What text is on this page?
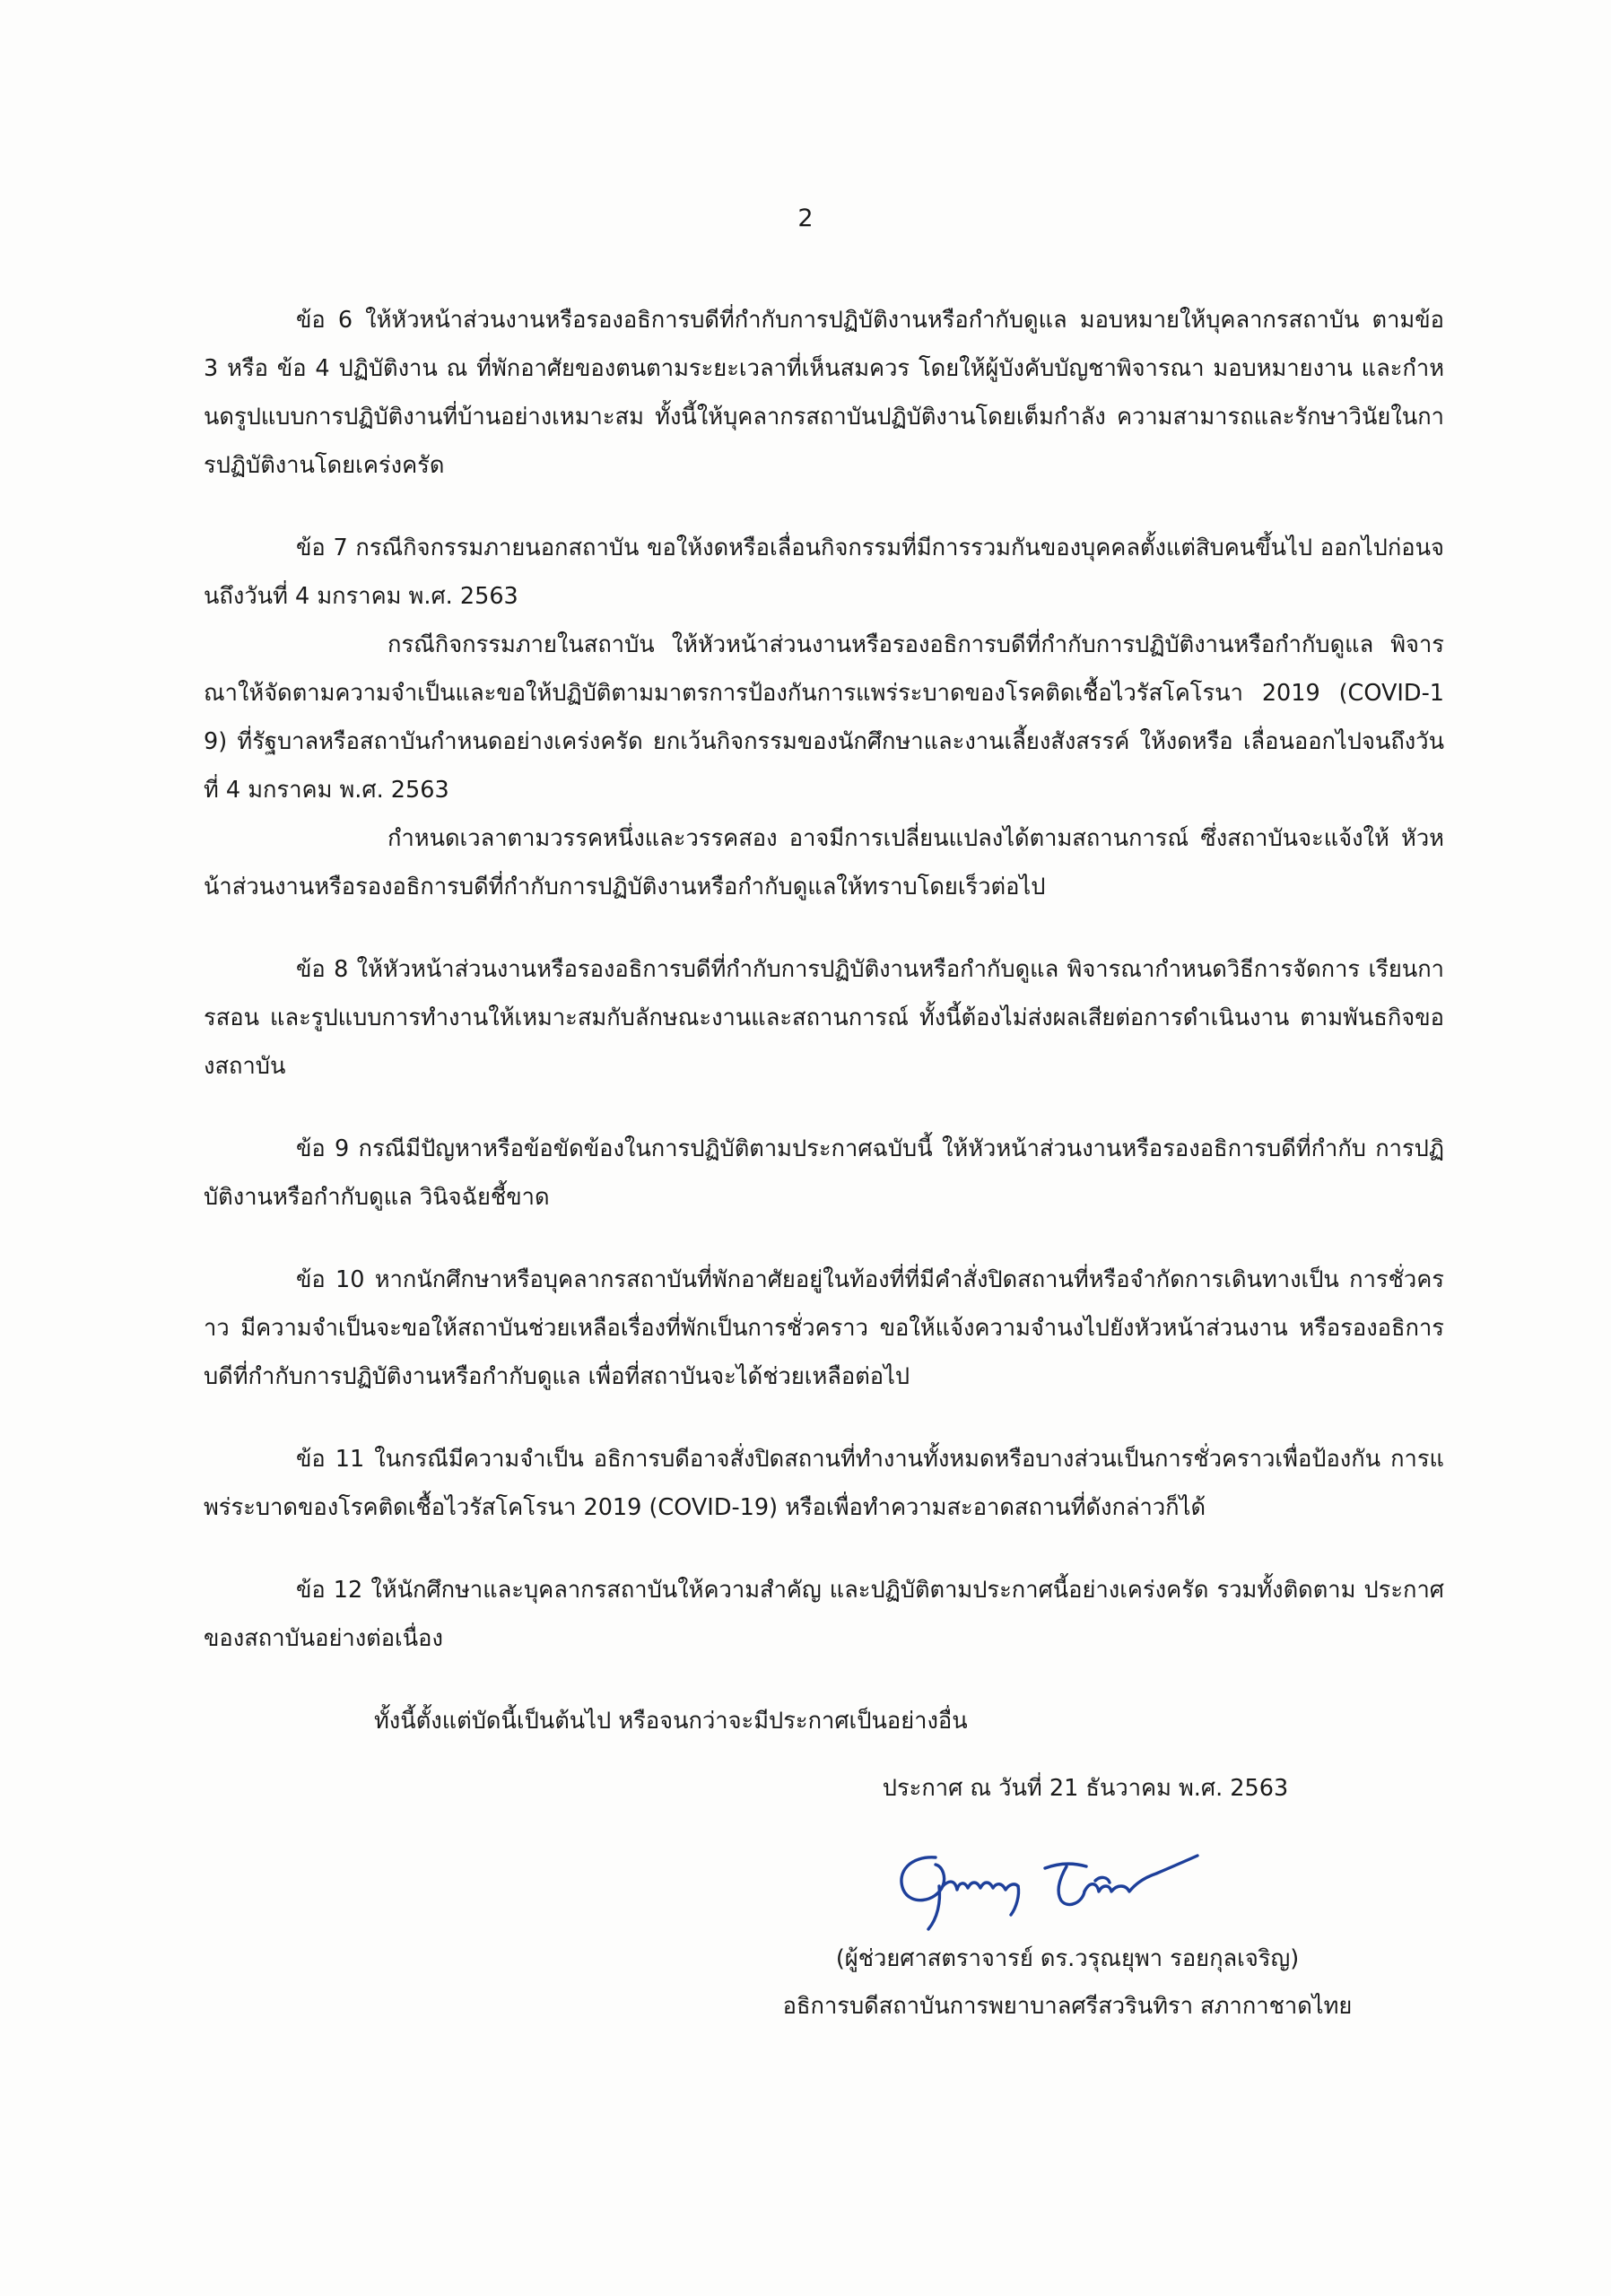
2

ข้อ 6 ให้หัวหน้าส่วนงานหรือรองอธิการบดีที่กำกับการปฏิบัติงานหรือกำกับดูแล มอบหมายให้บุคลากรสถาบัน ตามข้อ 3 หรือ ข้อ 4 ปฏิบัติงาน ณ ที่พักอาศัยของตนตามระยะเวลาที่เห็นสมควร โดยให้ผู้บังคับบัญชาพิจารณา มอบหมายงาน และกำหนดรูปแบบการปฏิบัติงานที่บ้านอย่างเหมาะสม ทั้งนี้ให้บุคลากรสถาบันปฏิบัติงานโดยเต็มกำลัง ความสามารถและรักษาวินัยในการปฏิบัติงานโดยเคร่งครัด

ข้อ 7 กรณีกิจกรรมภายนอกสถาบัน ขอให้งดหรือเลื่อนกิจกรรมที่มีการรวมกันของบุคคลตั้งแต่สิบคนขึ้นไป ออกไปก่อนจนถึงวันที่ 4 มกราคม พ.ศ. 2563

กรณีกิจกรรมภายในสถาบัน ให้หัวหน้าส่วนงานหรือรองอธิการบดีที่กำกับการปฏิบัติงานหรือกำกับดูแล พิจารณาให้จัดตามความจำเป็นและขอให้ปฏิบัติตามมาตรการป้องกันการแพร่ระบาดของโรคติดเชื้อไวรัสโคโรนา 2019 (COVID-19) ที่รัฐบาลหรือสถาบันกำหนดอย่างเคร่งครัด ยกเว้นกิจกรรมของนักศึกษาและงานเลี้ยงสังสรรค์ ให้งดหรือ เลื่อนออกไปจนถึงวันที่ 4 มกราคม พ.ศ. 2563

กำหนดเวลาตามวรรคหนึ่งและวรรคสอง อาจมีการเปลี่ยนแปลงได้ตามสถานการณ์ ซึ่งสถาบันจะแจ้งให้ หัวหน้าส่วนงานหรือรองอธิการบดีที่กำกับการปฏิบัติงานหรือกำกับดูแลให้ทราบโดยเร็วต่อไป

ข้อ 8 ให้หัวหน้าส่วนงานหรือรองอธิการบดีที่กำกับการปฏิบัติงานหรือกำกับดูแล พิจารณากำหนดวิธีการจัดการ เรียนการสอน และรูปแบบการทำงานให้เหมาะสมกับลักษณะงานและสถานการณ์ ทั้งนี้ต้องไม่ส่งผลเสียต่อการดำเนินงาน ตามพันธกิจของสถาบัน

ข้อ 9 กรณีมีปัญหาหรือข้อขัดข้องในการปฏิบัติตามประกาศฉบับนี้ ให้หัวหน้าส่วนงานหรือรองอธิการบดีที่กำกับ การปฏิบัติงานหรือกำกับดูแล วินิจฉัยชี้ขาด

ข้อ 10 หากนักศึกษาหรือบุคลากรสถาบันที่พักอาศัยอยู่ในท้องที่ที่มีคำสั่งปิดสถานที่หรือจำกัดการเดินทางเป็น การชั่วคราว มีความจำเป็นจะขอให้สถาบันช่วยเหลือเรื่องที่พักเป็นการชั่วคราว ขอให้แจ้งความจำนงไปยังหัวหน้าส่วนงาน หรือรองอธิการบดีที่กำกับการปฏิบัติงานหรือกำกับดูแล เพื่อที่สถาบันจะได้ช่วยเหลือต่อไป

ข้อ 11 ในกรณีมีความจำเป็น อธิการบดีอาจสั่งปิดสถานที่ทำงานทั้งหมดหรือบางส่วนเป็นการชั่วคราวเพื่อป้องกัน การแพร่ระบาดของโรคติดเชื้อไวรัสโคโรนา 2019 (COVID-19) หรือเพื่อทำความสะอาดสถานที่ดังกล่าวก็ได้

ข้อ 12 ให้นักศึกษาและบุคลากรสถาบันให้ความสำคัญ และปฏิบัติตามประกาศนี้อย่างเคร่งครัด รวมทั้งติดตาม ประกาศของสถาบันอย่างต่อเนื่อง

ทั้งนี้ตั้งแต่บัดนี้เป็นต้นไป หรือจนกว่าจะมีประกาศเป็นอย่างอื่น

ประกาศ ณ วันที่ 21 ธันวาคม พ.ศ. 2563
(ผู้ช่วยศาสตราจารย์ ดร.วรุณยุพา รอยกุลเจริญ)
อธิการบดีสถาบันการพยาบาลศรีสวรินทิรา สภากาชาดไทย
